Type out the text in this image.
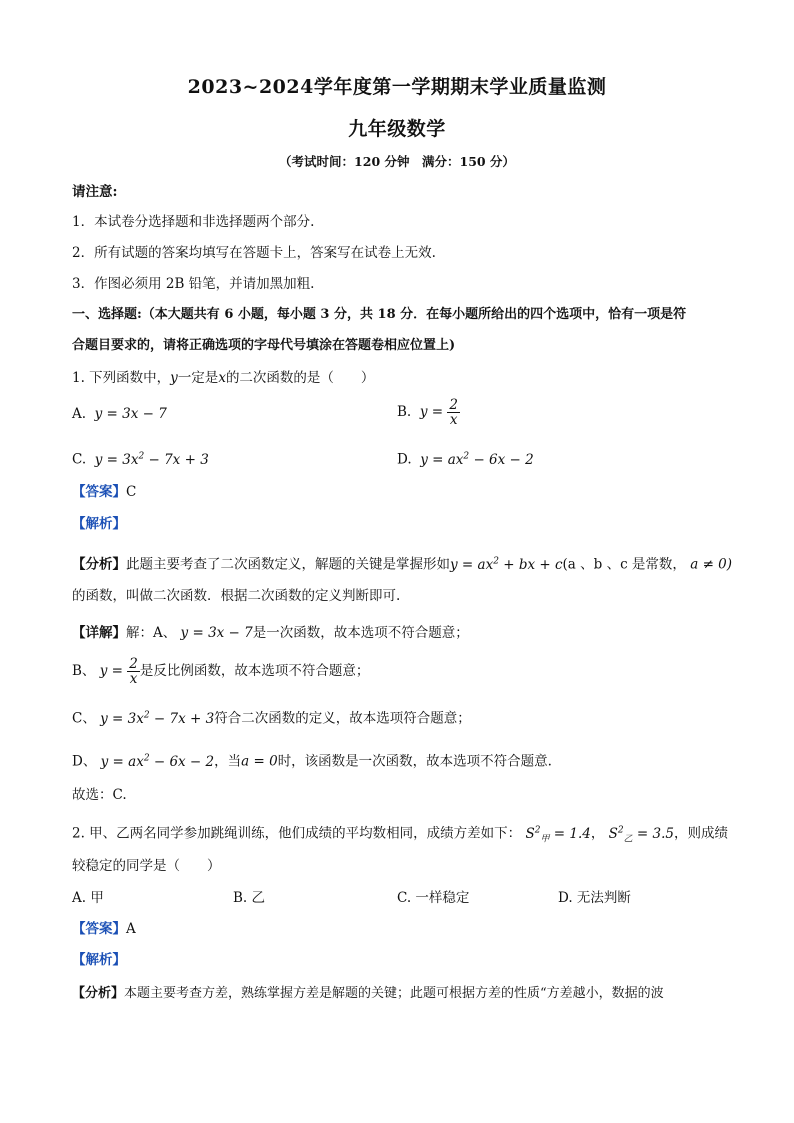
2023~2024学年度第一学期期末学业质量监测
九年级数学
（考试时间：120 分钟　满分：150 分）
请注意:
1．本试卷分选择题和非选择题两个部分.
2．所有试题的答案均填写在答题卡上，答案写在试卷上无效.
3．作图必须用 2B 铅笔，并请加黑加粗.
一、选择题:（本大题共有 6 小题，每小题 3 分，共 18 分．在每小题所给出的四个选项中，恰有一项是符
合题目要求的，请将正确选项的字母代号填涂在答题卷相应位置上)
1. 下列函数中，y一定是x的二次函数的是（　　）
A. y = 3x − 7	B. $y = \frac{2}{x}$
C. $y = 3x^2 - 7x + 3$	D. $y = ax^2 - 6x - 2$
【答案】C
【解析】
【分析】此题主要考查了二次函数定义，解题的关键是掌握形如$y = ax^2$ + bx + c(a 、b 、c 是常数， a ≠ 0)
的函数，叫做二次函数．根据二次函数的定义判断即可.
【详解】解：A、 y = 3x − 7是一次函数，故本选项不符合题意；
B、 $y = \frac{2}{x}$ 是反比例函数，故本选项不符合题意；
C、 $y = 3x^2 - 7x + 3$符合二次函数的定义，故本选项符合题意；
D、 $y = ax^2 - 6x - 2$，当a = 0时，该函数是一次函数，故本选项不符合题意.
故选：C.
2. 甲、乙两名同学参加跳绳训练，他们成绩的平均数相同，成绩方差如下： $S^2_甲 = 1.4$， $S^2_乙 = 3.5$，则成绩
较稳定的同学是（　　）
A. 甲	B. 乙	C. 一样稳定	D. 无法判断
【答案】A
【解析】
【分析】本题主要考查方差，熟练掌握方差是解题的关键；此题可根据方差的性质“方差越小，数据的波
